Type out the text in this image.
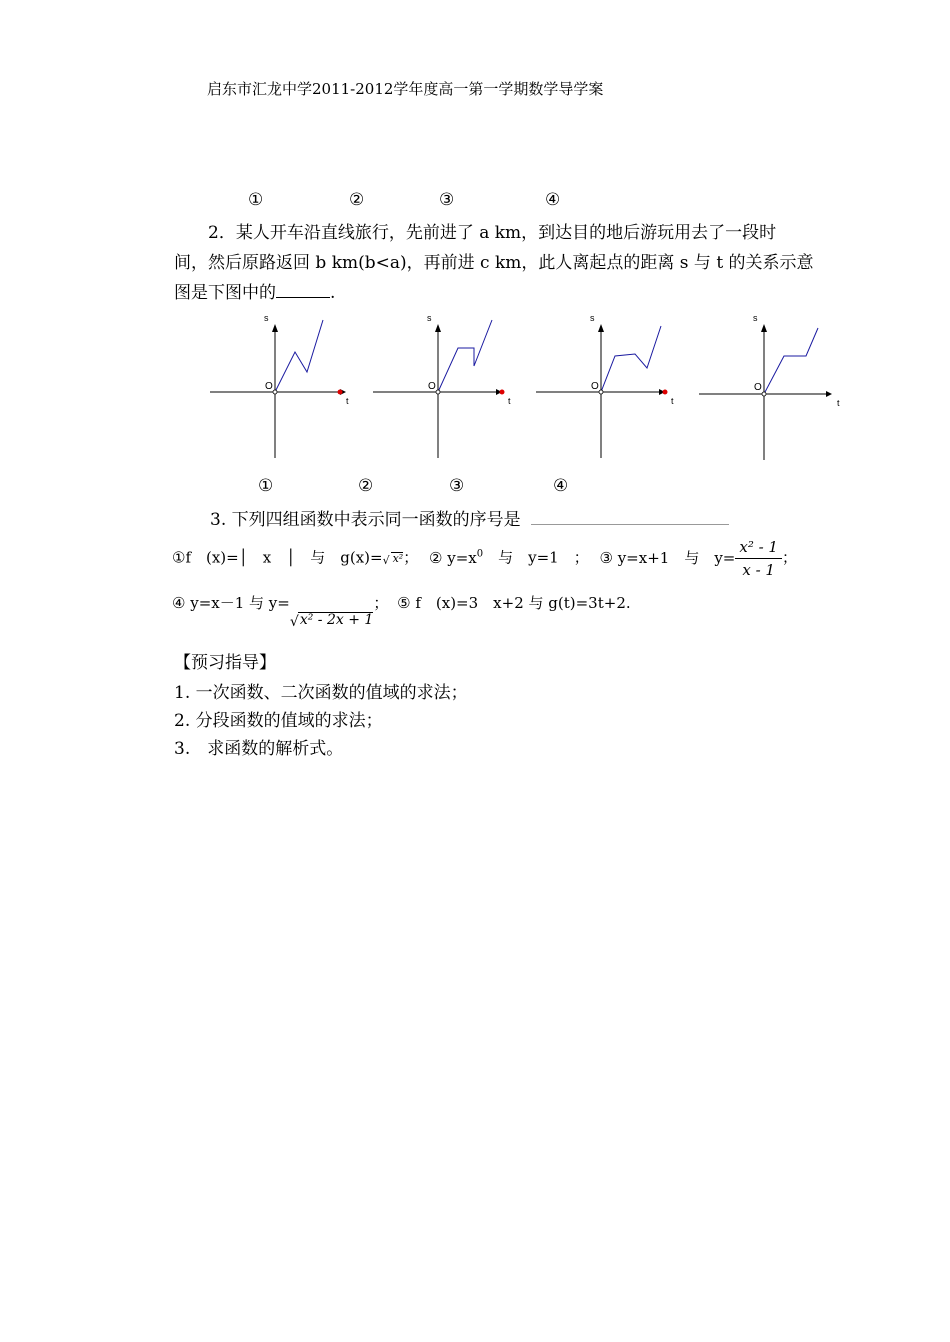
启东市汇龙中学2011-2012学年度高一第一学期数学导学案
①	②	③	④

2．某人开车沿直线旅行，先前进了 a km，到达目的地后游玩用去了一段时

间，然后原路返回 b km(b<a)，再前进 c km，此人离起点的距离 s 与 t 的关系示意

图是下图中的	.

s
O
t
s
O
t
s
O
t
s
O
t
①	②	③	④
3. 下列四组函数中表示同一函数的序号是
①f　(x)=│　x　│　与　g(x)= √ x²； ② $y=x^0$　与　y=1　； ③ y=x+1　与　$y= \frac{\text{x² - 1}}{x - 1}$ ；
④ y=x－1 与 y=
√ x² - 2x + 1； ⑤ f　(x)=3　x+2 与 g(t)=3t+2.
【预习指导】
1. 一次函数、二次函数的值域的求法；
2. 分段函数的值域的求法；
3.　求函数的解析式。
